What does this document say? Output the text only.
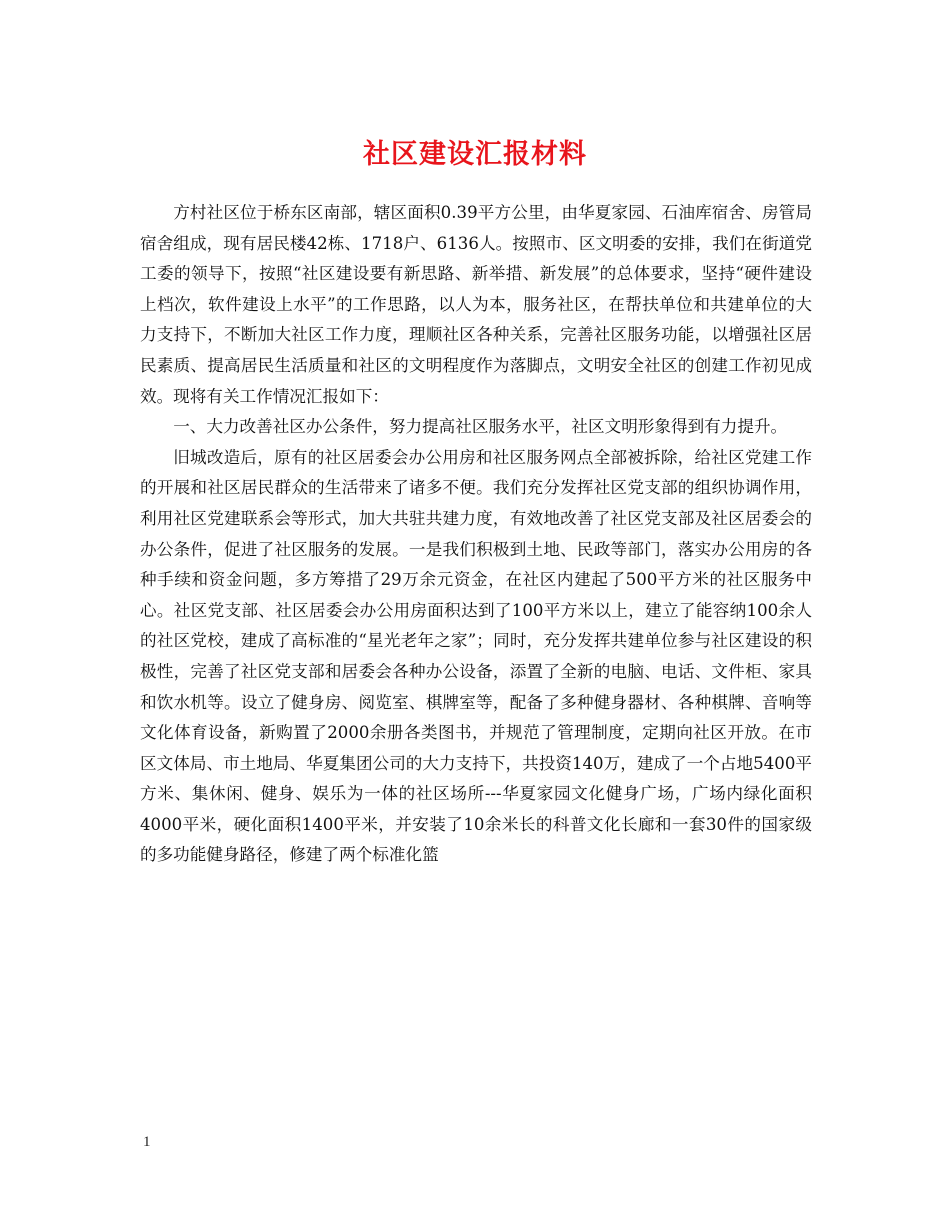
社区建设汇报材料

方村社区位于桥东区南部，辖区面积0.39平方公里，由华夏家园、石油库宿舍、房管局宿舍组成，现有居民楼42栋、1718户、6136人。按照市、区文明委的安排，我们在街道党工委的领导下，按照“社区建设要有新思路、新举措、新发展”的总体要求，坚持“硬件建设上档次，软件建设上水平”的工作思路，以人为本，服务社区，在帮扶单位和共建单位的大力支持下，不断加大社区工作力度，理顺社区各种关系，完善社区服务功能，以增强社区居民素质、提高居民生活质量和社区的文明程度作为落脚点，文明安全社区的创建工作初见成效。现将有关工作情况汇报如下：

一、大力改善社区办公条件，努力提高社区服务水平，社区文明形象得到有力提升。

旧城改造后，原有的社区居委会办公用房和社区服务网点全部被拆除，给社区党建工作的开展和社区居民群众的生活带来了诸多不便。我们充分发挥社区党支部的组织协调作用，利用社区党建联系会等形式，加大共驻共建力度，有效地改善了社区党支部及社区居委会的办公条件，促进了社区服务的发展。一是我们积极到土地、民政等部门，落实办公用房的各种手续和资金问题，多方筹措了29万余元资金，在社区内建起了500平方米的社区服务中心。社区党支部、社区居委会办公用房面积达到了100平方米以上，建立了能容纳100余人的社区党校，建成了高标准的“星光老年之家”；同时，充分发挥共建单位参与社区建设的积极性，完善了社区党支部和居委会各种办公设备，添置了全新的电脑、电话、文件柜、家具和饮水机等。设立了健身房、阅览室、棋牌室等，配备了多种健身器材、各种棋牌、音响等文化体育设备，新购置了2000余册各类图书，并规范了管理制度，定期向社区开放。在市区文体局、市土地局、华夏集团公司的大力支持下，共投资140万，建成了一个占地5400平方米、集休闲、健身、娱乐为一体的社区场所---华夏家园文化健身广场，广场内绿化面积4000平米，硬化面积1400平米，并安装了10余米长的科普文化长廊和一套30件的国家级的多功能健身路径，修建了两个标准化篮

1
